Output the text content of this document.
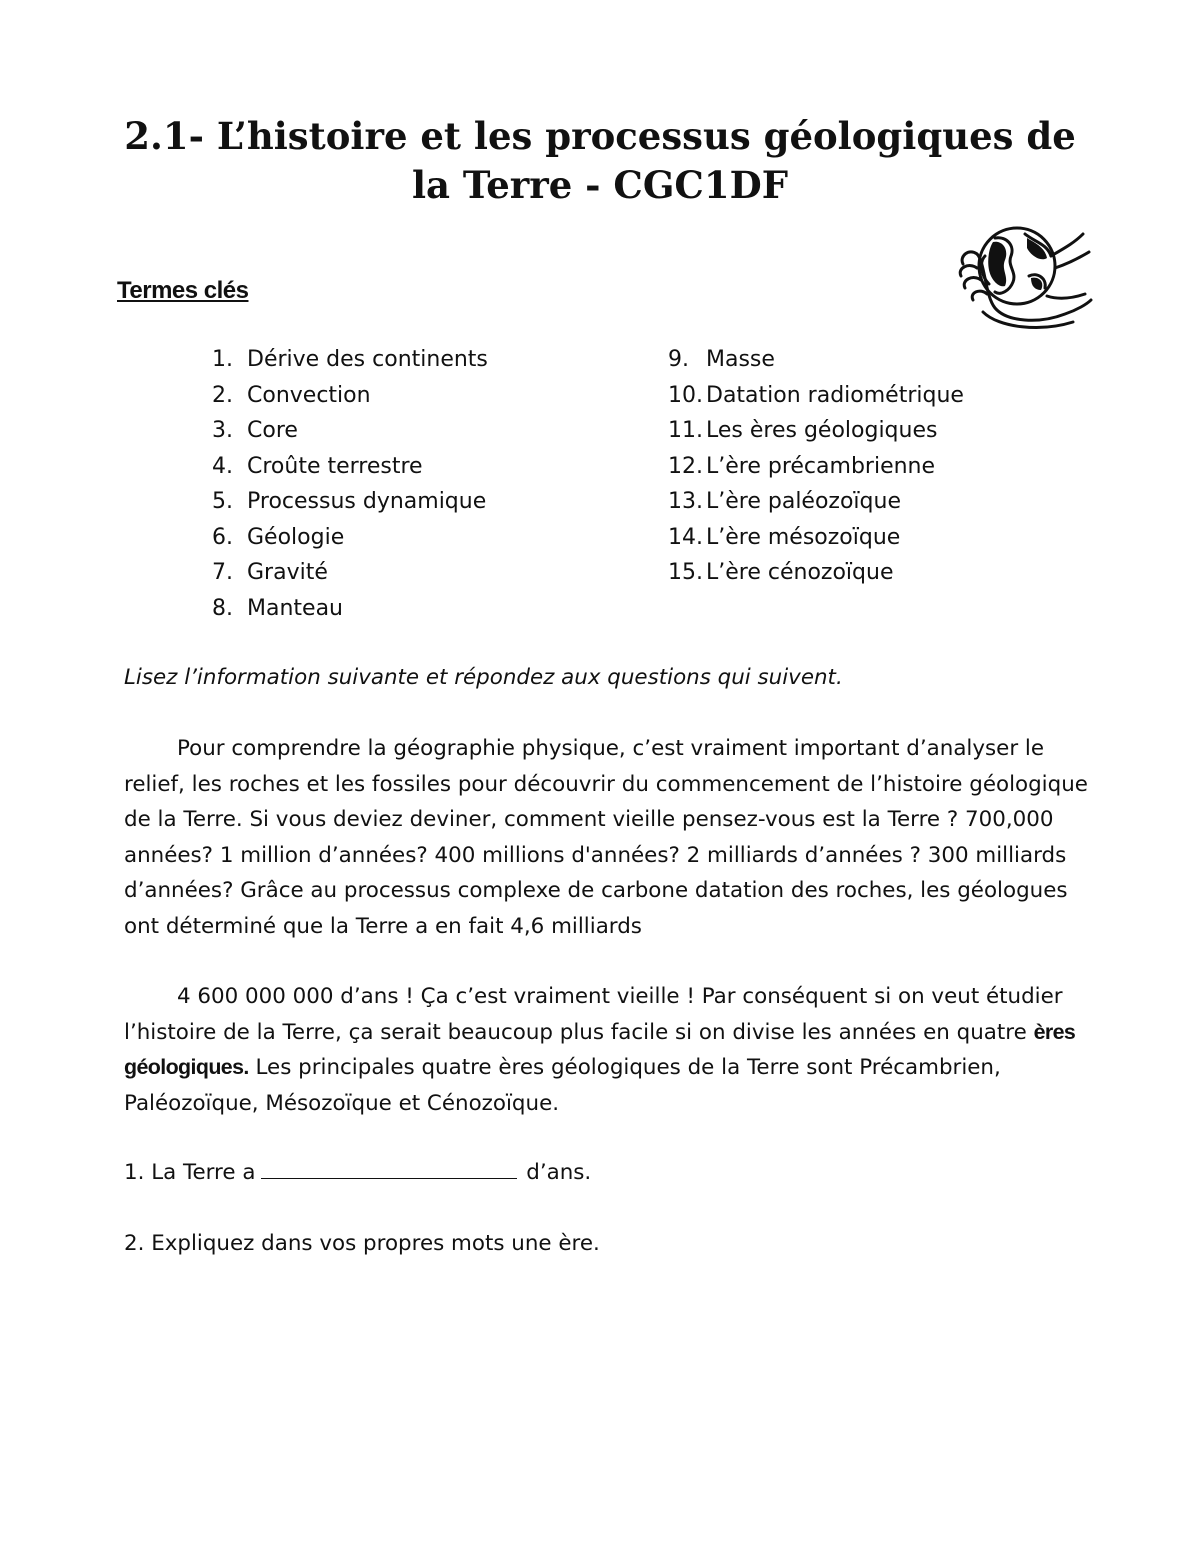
2.1- L’histoire et les processus géologiques de
la Terre - CGC1DF
Termes clés
1. Dérive des continents
2. Convection
3. Core
4. Croûte terrestre
5. Processus dynamique
6. Géologie
7. Gravité
8. Manteau
9. Masse
10. Datation radiométrique
11. Les ères géologiques
12. L’ère précambrienne
13. L’ère paléozoïque
14. L’ère mésozoïque
15. L’ère cénozoïque

Lisez l’information suivante et répondez aux questions qui suivent.

Pour comprendre la géographie physique, c’est vraiment important d’analyser le
relief, les roches et les fossiles pour découvrir du commencement de l’histoire géologique
de la Terre. Si vous deviez deviner, comment vieille pensez-vous est la Terre ? 700,000
années? 1 million d’années? 400 millions d'années? 2 milliards d’années ? 300 milliards
d’années? Grâce au processus complexe de carbone datation des roches, les géologues
ont déterminé que la Terre a en fait 4,6 milliards

4 600 000 000 d’ans ! Ça c’est vraiment vieille ! Par conséquent si on veut étudier
l’histoire de la Terre, ça serait beaucoup plus facile si on divise les années en quatre ères
géologiques. Les principales quatre ères géologiques de la Terre sont Précambrien,
Paléozoïque, Mésozoïque et Cénozoïque.

1. La Terre a	d’ans.

2. Expliquez dans vos propres mots une ère.
